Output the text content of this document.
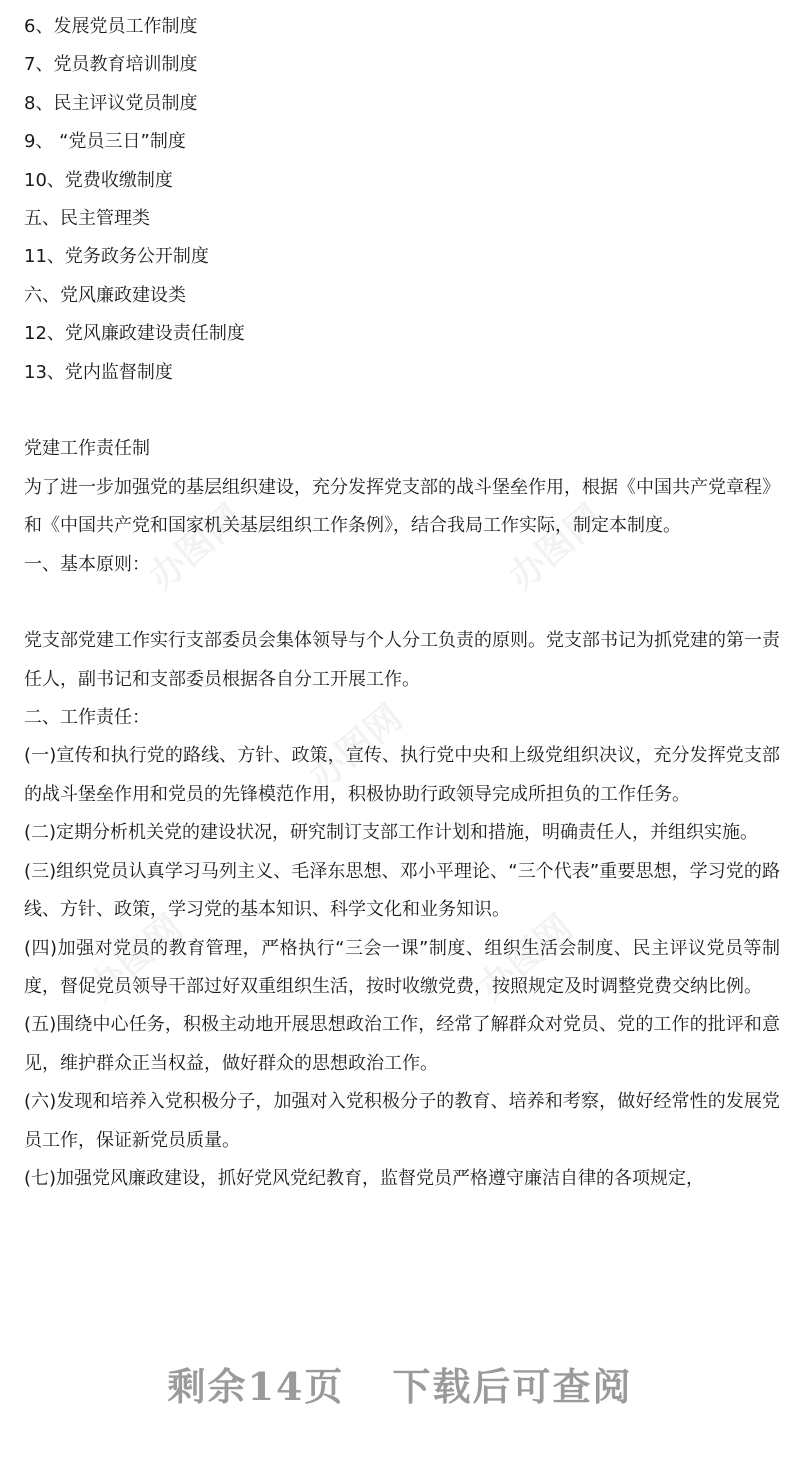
办图网	办图网
办图网
办图网	办图网
6、发展党员工作制度
7、党员教育培训制度
8、民主评议党员制度
9、 “党员三日”制度
10、党费收缴制度
五、民主管理类
11、党务政务公开制度
六、党风廉政建设类
12、党风廉政建设责任制度
13、党内监督制度
党建工作责任制
为了进一步加强党的基层组织建设，充分发挥党支部的战斗堡垒作用，根据《中国共产党章程》和《中国共产党和国家机关基层组织工作条例》，结合我局工作实际，制定本制度。
一、基本原则：
党支部党建工作实行支部委员会集体领导与个人分工负责的原则。党支部书记为抓党建的第一责任人，副书记和支部委员根据各自分工开展工作。
二、工作责任：
(一)宣传和执行党的路线、方针、政策，宣传、执行党中央和上级党组织决议，充分发挥党支部的战斗堡垒作用和党员的先锋模范作用，积极协助行政领导完成所担负的工作任务。
(二)定期分析机关党的建设状况，研究制订支部工作计划和措施，明确责任人，并组织实施。
(三)组织党员认真学习马列主义、毛泽东思想、邓小平理论、“三个代表”重要思想，学习党的路线、方针、政策，学习党的基本知识、科学文化和业务知识。
(四)加强对党员的教育管理，严格执行“三会一课”制度、组织生活会制度、民主评议党员等制度，督促党员领导干部过好双重组织生活，按时收缴党费，按照规定及时调整党费交纳比例。
(五)围绕中心任务，积极主动地开展思想政治工作，经常了解群众对党员、党的工作的批评和意见，维护群众正当权益，做好群众的思想政治工作。
(六)发现和培养入党积极分子，加强对入党积极分子的教育、培养和考察，做好经常性的发展党员工作，保证新党员质量。
(七)加强党风廉政建设，抓好党风党纪教育，监督党员严格遵守廉洁自律的各项规定，
剩余14页 下载后可查阅
